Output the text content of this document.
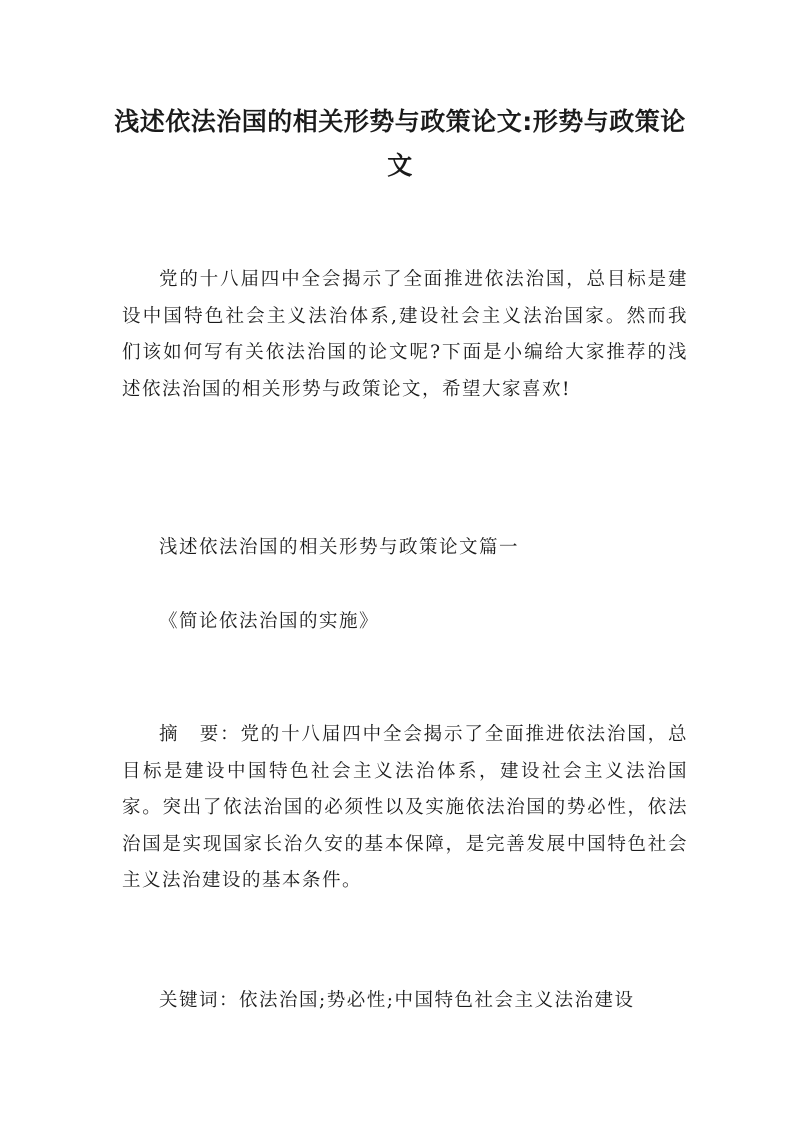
浅述依法治国的相关形势与政策论文:形势与政策论文

党的十八届四中全会揭示了全面推进依法治国，总目标是建设中国特色社会主义法治体系,建设社会主义法治国家。然而我们该如何写有关依法治国的论文呢?下面是小编给大家推荐的浅述依法治国的相关形势与政策论文，希望大家喜欢!

浅述依法治国的相关形势与政策论文篇一

《简论依法治国的实施》

摘　要：党的十八届四中全会揭示了全面推进依法治国，总目标是建设中国特色社会主义法治体系，建设社会主义法治国家。突出了依法治国的必须性以及实施依法治国的势必性，依法治国是实现国家长治久安的基本保障，是完善发展中国特色社会主义法治建设的基本条件。

关键词：依法治国;势必性;中国特色社会主义法治建设
